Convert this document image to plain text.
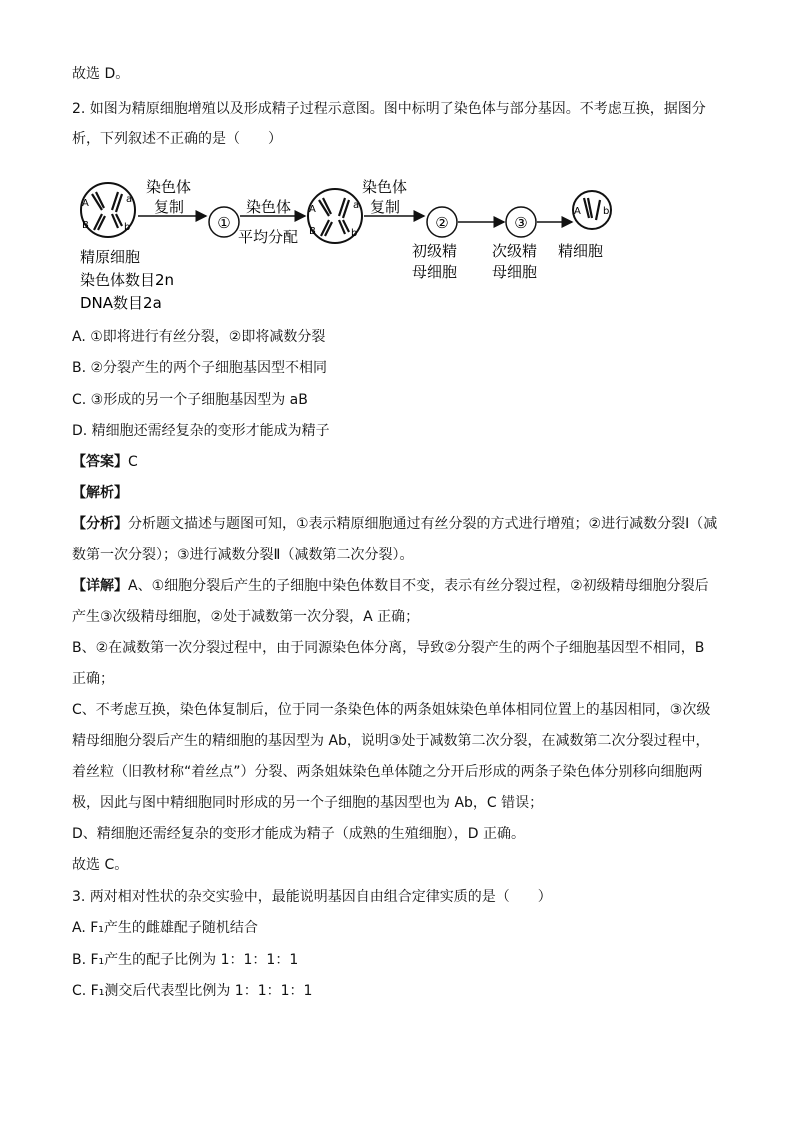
故选 D。
2. 如图为精原细胞增殖以及形成精子过程示意图。图中标明了染色体与部分基因。不考虑互换，据图分
析，下列叙述不正确的是（　　）
A	a
B	b
精原细胞
染色体数目2n
DNA数目2a
染色体
复制
①
染色体
平均分配
A	a
B	b
染色体
复制
②
初级精
母细胞
③
次级精
母细胞
A b
精细胞
A. ①即将进行有丝分裂，②即将减数分裂
B. ②分裂产生的两个子细胞基因型不相同
C. ③形成的另一个子细胞基因型为 aB
D. 精细胞还需经复杂的变形才能成为精子
【答案】C
【解析】
【分析】分析题文描述与题图可知，①表示精原细胞通过有丝分裂的方式进行增殖；②进行减数分裂Ⅰ（减
数第一次分裂）；③进行减数分裂Ⅱ（减数第二次分裂）。
【详解】A、①细胞分裂后产生的子细胞中染色体数目不变，表示有丝分裂过程，②初级精母细胞分裂后
产生③次级精母细胞，②处于减数第一次分裂，A 正确；
B、②在减数第一次分裂过程中，由于同源染色体分离，导致②分裂产生的两个子细胞基因型不相同，B
正确；
C、不考虑互换，染色体复制后，位于同一条染色体的两条姐妹染色单体相同位置上的基因相同，③次级
精母细胞分裂后产生的精细胞的基因型为 Ab，说明③处于减数第二次分裂，在减数第二次分裂过程中，
着丝粒（旧教材称“着丝点”）分裂、两条姐妹染色单体随之分开后形成的两条子染色体分别移向细胞两
极，因此与图中精细胞同时形成的另一个子细胞的基因型也为 Ab，C 错误；
D、精细胞还需经复杂的变形才能成为精子（成熟的生殖细胞），D 正确。
故选 C。
3. 两对相对性状的杂交实验中，最能说明基因自由组合定律实质的是（　　）
A. F₁产生的雌雄配子随机结合
B. F₁产生的配子比例为 1：1：1：1
C. F₁测交后代表型比例为 1：1：1：1
